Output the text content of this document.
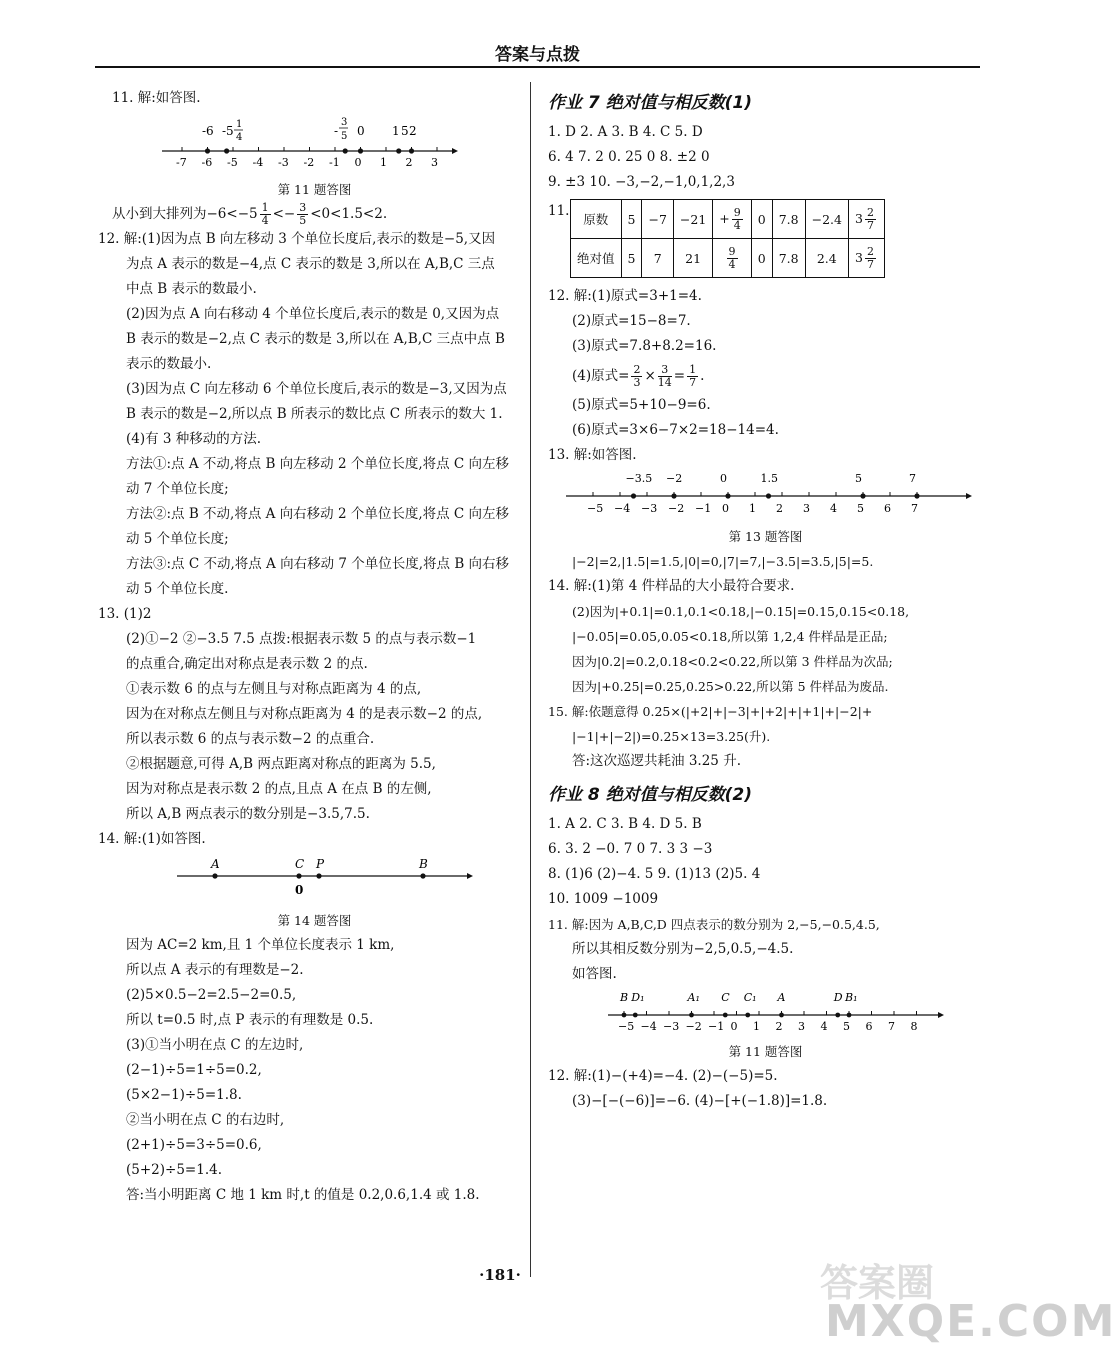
答案与点拨
11. 解:如答图.
-7 -6 -5 -4 -3 -2 -1 0 1 2 3
-6 -5 1
4	-
3
5 0 1 5 2
第 11 题答图
从小到大排列为$-6<-5 \frac{1}{4} <- \frac{3}{5} <0<1.5<2$.
12. 解:(1)因为点 B 向左移动 3 个单位长度后,表示的数是−5,又因
为点 A 表示的数是−4,点 C 表示的数是 3,所以在 A,B,C 三点
中点 B 表示的数最小.
(2)因为点 A 向右移动 4 个单位长度后,表示的数是 0,又因为点
B 表示的数是−2,点 C 表示的数是 3,所以在 A,B,C 三点中点 B
表示的数最小.
(3)因为点 C 向左移动 6 个单位长度后,表示的数是−3,又因为点
B 表示的数是−2,所以点 B 所表示的数比点 C 所表示的数大 1.
(4)有 3 种移动的方法.
方法①:点 A 不动,将点 B 向左移动 2 个单位长度,将点 C 向左移
动 7 个单位长度;
方法②:点 B 不动,将点 A 向右移动 2 个单位长度,将点 C 向左移
动 5 个单位长度;
方法③:点 C 不动,将点 A 向右移动 7 个单位长度,将点 B 向右移
动 5 个单位长度.
13. (1)2
(2)①−2 ②−3.5 7.5 点拨:根据表示数 5 的点与表示数−1
的点重合,确定出对称点是表示数 2 的点.
①表示数 6 的点与左侧且与对称点距离为 4 的点,
因为在对称点左侧且与对称点距离为 4 的是表示数−2 的点,
所以表示数 6 的点与表示数−2 的点重合.
②根据题意,可得 A,B 两点距离对称点的距离为 5.5,
因为对称点是表示数 2 的点,且点 A 在点 B 的左侧,
所以 A,B 两点表示的数分别是−3.5,7.5.
14. 解:(1)如答图.
A	C P	B
0
第 14 题答图
因为 AC=2 km,且 1 个单位长度表示 1 km,
所以点 A 表示的有理数是−2.
(2)5×0.5−2=2.5−2=0.5,
所以 t=0.5 时,点 P 表示的有理数是 0.5.
(3)①当小明在点 C 的左边时,
(2−1)÷5=1÷5=0.2,
(5×2−1)÷5=1.8.
②当小明在点 C 的右边时,
(2+1)÷5=3÷5=0.6,
(5+2)÷5=1.4.
答:当小明距离 C 地 1 km 时,t 的值是 0.2,0.6,1.4 或 1.8.
作业 7 绝对值与相反数(1)
1. D 2. A 3. B 4. C 5. D
6. 4 7. 2 0. 25 0 8. ±2 0
9. ±3 10. −3,−2,−1,0,1,2,3
11. 原数	5	−7	−21	+ $\frac{9}{4}$	0	7.8	−2.4	$3 \frac{2}{7}$

绝对值	5	7	21	$\frac{9}{4}$	0	7.8	2.4	$3 \frac{2}{7}$
12. 解:(1)原式=3+1=4.
(2)原式=15−8=7.
(3)原式=7.8+8.2=16.
(4)原式= $\frac{2}{3} \times \frac{3}{14} = \frac{1}{7}$ .
(5)原式=5+10−9=6.
(6)原式=3×6−7×2=18−14=4.
13. 解:如答图.
−5 −4 −3 −2 −1 0 1 2 3 4 5 6 7
−3.5 −2	0	1.5	5	7
第 13 题答图
|−2|=2,|1.5|=1.5,|0|=0,|7|=7,|−3.5|=3.5,|5|=5.
14. 解:(1)第 4 件样品的大小最符合要求.
(2)因为|+0.1|=0.1,0.1<0.18,|−0.15|=0.15,0.15<0.18,
|−0.05|=0.05,0.05<0.18,所以第 1,2,4 件样品是正品;
因为|0.2|=0.2,0.18<0.2<0.22,所以第 3 件样品为次品;
因为|+0.25|=0.25,0.25>0.22,所以第 5 件样品为废品.
15. 解:依题意得 0.25×(|+2|+|−3|+|+2|+|+1|+|−2|+
|−1|+|−2|)=0.25×13=3.25(升).
答:这次巡逻共耗油 3.25 升.
作业 8 绝对值与相反数(2)
1. A 2. C 3. B 4. D 5. B
6. 3. 2 −0. 7 0 7. 3 3 −3
8. (1)6 (2)−4. 5 9. (1)13 (2)5. 4
10. 1009 −1009
11. 解:因为 A,B,C,D 四点表示的数分别为 2,−5,−0.5,4.5,
所以其相反数分别为−2,5,0.5,−4.5.
如答图.
−5 −4 −3 −2 −1 0 1 2 3 4 5 6 7 8
B D₁	A₁ C C₁ A	D B₁
第 11 题答图
12. 解:(1)−(+4)=−4. (2)−(−5)=5.
(3)−[−(−6)]=−6. (4)−[+(−1.8)]=1.8.
·181·	答案圈
MXQE.COM
